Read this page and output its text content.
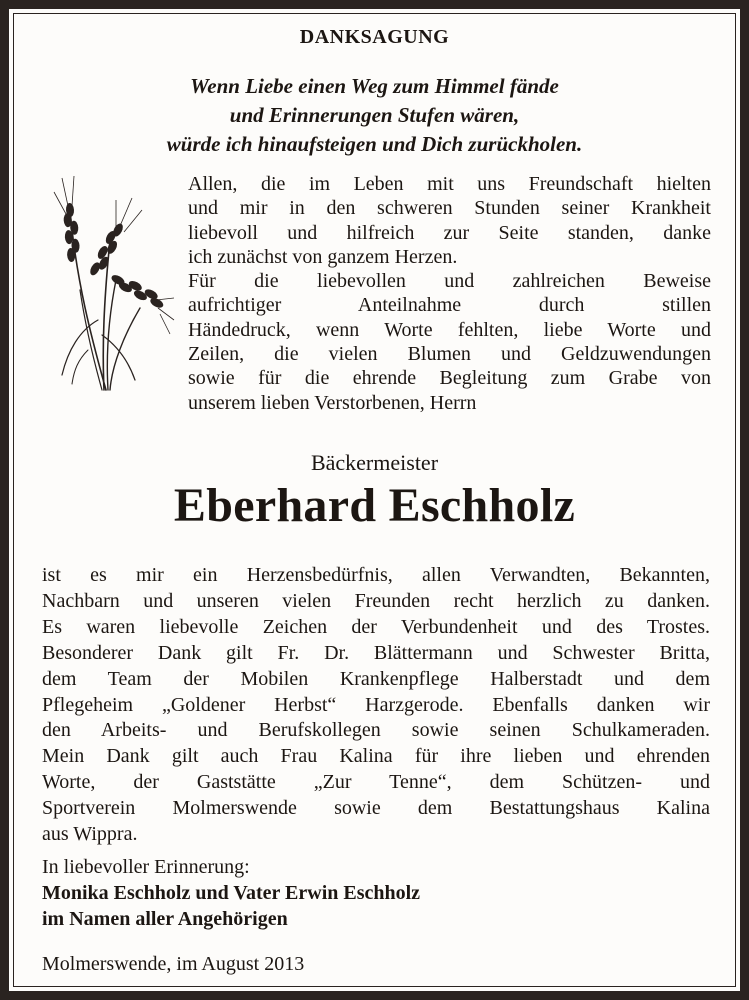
DANKSAGUNG
Wenn Liebe einen Weg zum Himmel fände
und Erinnerungen Stufen wären,
würde ich hinaufsteigen und Dich zurückholen.

Allen, die im Leben mit uns Freundschaft hielten
und mir in den schweren Stunden seiner Krankheit
liebevoll und hilfreich zur Seite standen, danke
ich zunächst von ganzem Herzen.

Für die liebevollen und zahlreichen Beweise
aufrichtiger Anteilnahme durch stillen
Händedruck, wenn Worte fehlten, liebe Worte und
Zeilen, die vielen Blumen und Geldzuwendungen
sowie für die ehrende Begleitung zum Grabe von
unserem lieben Verstorbenen, Herrn

Bäckermeister
Eberhard Eschholz
ist es mir ein Herzensbedürfnis, allen Verwandten, Bekannten,
Nachbarn und unseren vielen Freunden recht herzlich zu danken.
Es waren liebevolle Zeichen der Verbundenheit und des Trostes.
Besonderer Dank gilt Fr. Dr. Blättermann und Schwester Britta,
dem Team der Mobilen Krankenpflege Halberstadt und dem
Pflegeheim „Goldener Herbst“ Harzgerode. Ebenfalls danken wir
den Arbeits- und Berufskollegen sowie seinen Schulkameraden.
Mein Dank gilt auch Frau Kalina für ihre lieben und ehrenden
Worte, der Gaststätte „Zur Tenne“, dem Schützen- und
Sportverein Molmerswende sowie dem Bestattungshaus Kalina
aus Wippra.
In liebevoller Erinnerung:
Monika Eschholz und Vater Erwin Eschholz
im Namen aller Angehörigen
Molmerswende, im August 2013
